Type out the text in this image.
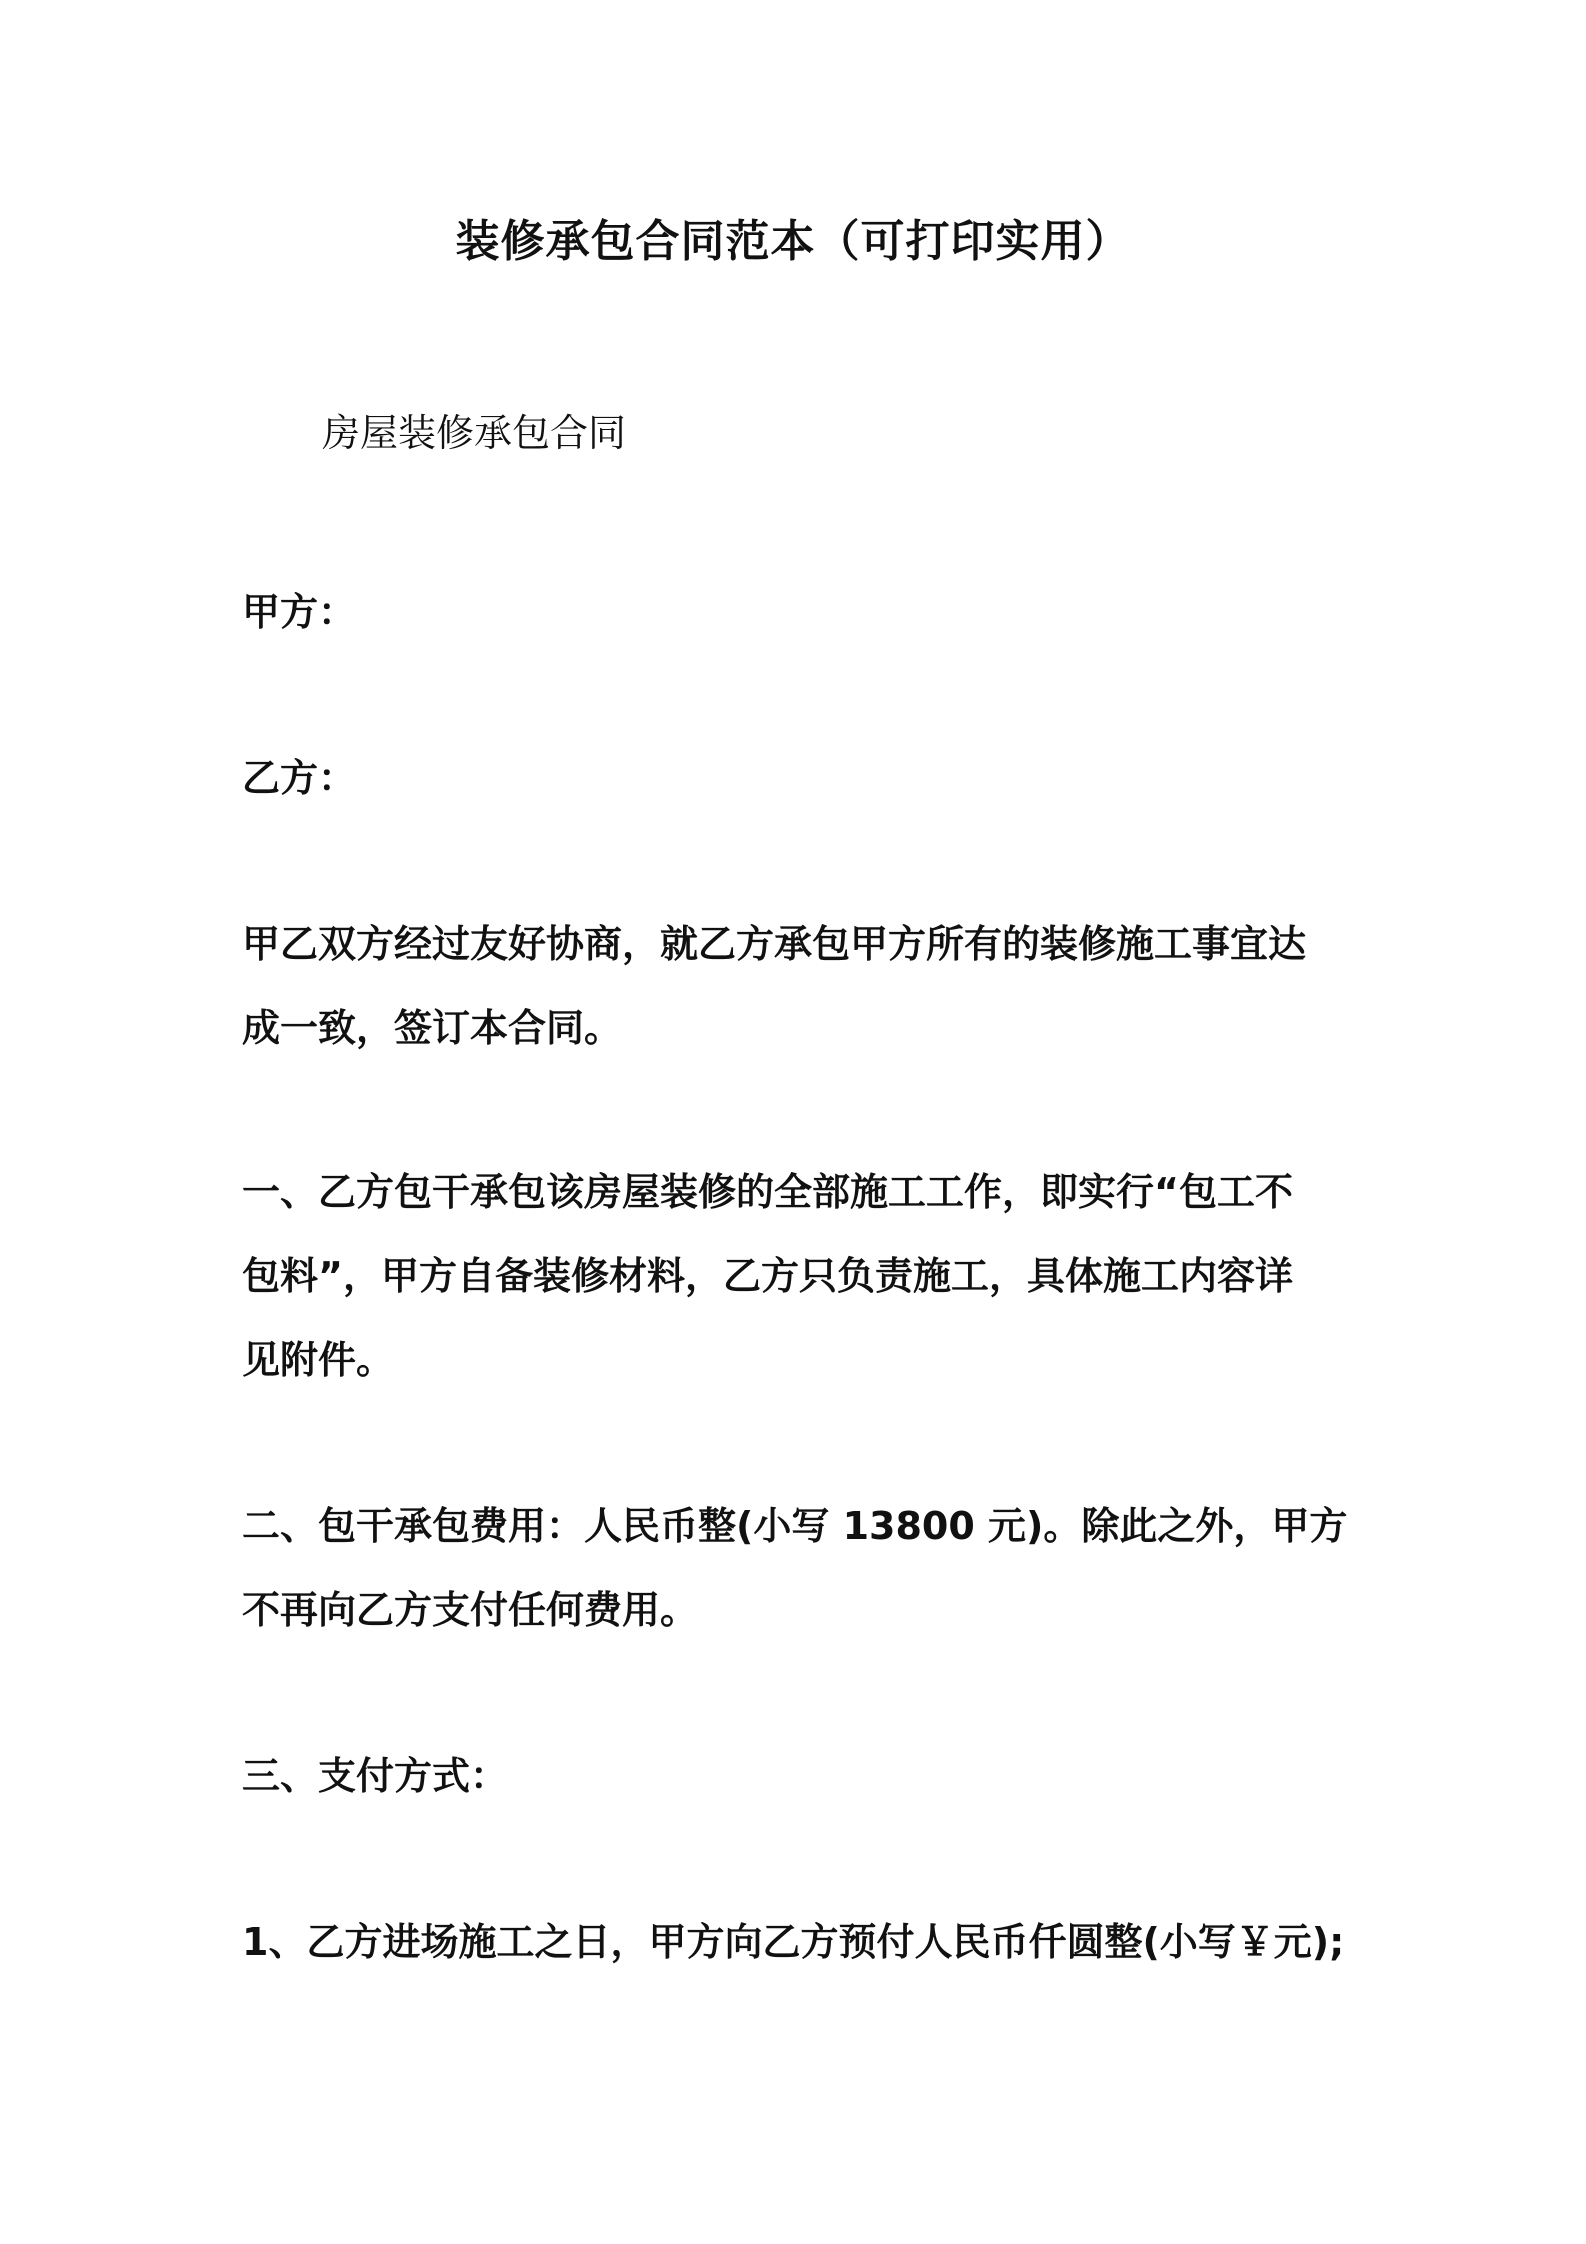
装修承包合同范本（可打印实用）
房屋装修承包合同
甲方：
乙方：
甲乙双方经过友好协商，就乙方承包甲方所有的装修施工事宜达
成一致，签订本合同。
一、乙方包干承包该房屋装修的全部施工工作，即实行“包工不
包料”，甲方自备装修材料，乙方只负责施工，具体施工内容详
见附件。
二、包干承包费用：人民币整(小写 13800 元)。除此之外，甲方
不再向乙方支付任何费用。
三、支付方式：
1、乙方进场施工之日，甲方向乙方预付人民币仟圆整(小写￥元);
